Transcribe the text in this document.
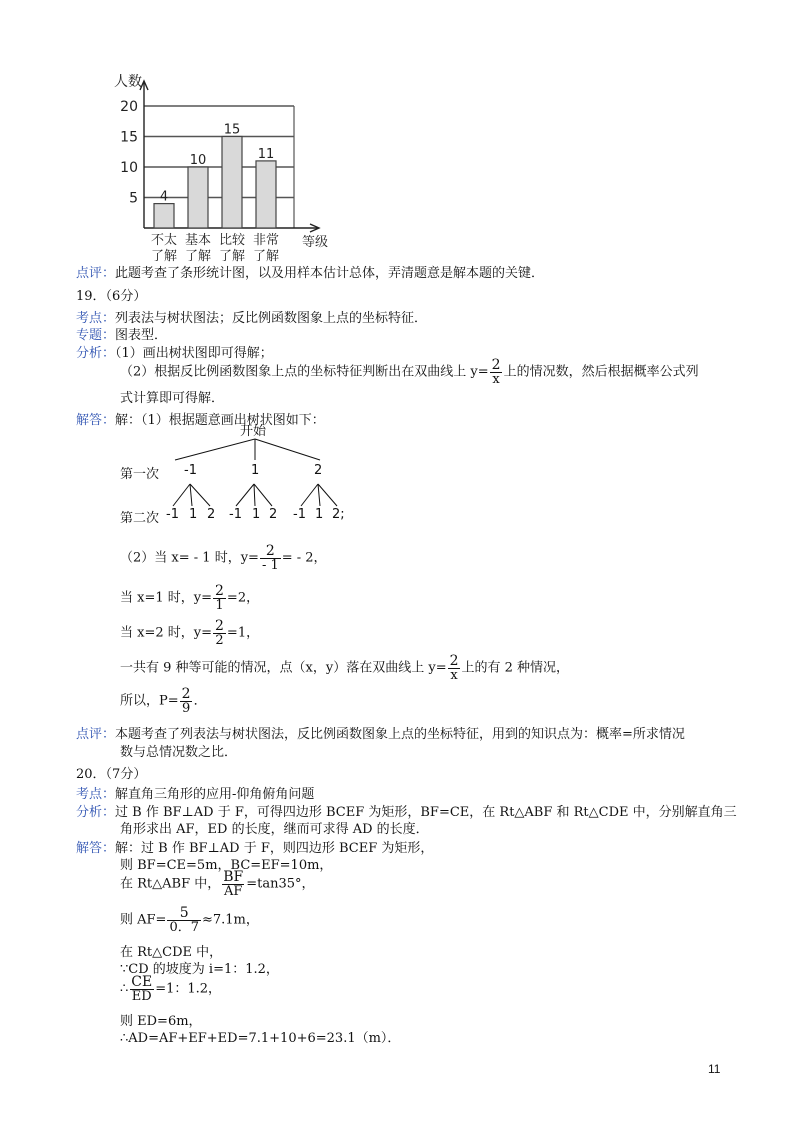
5
10
15
20
人数
等级
4
不太
了解
10
基本
了解
15
比较
了解
11
非常
了解
点评：此题考查了条形统计图，以及用样本估计总体，弄清题意是解本题的关键．
19．（6分）
考点：列表法与树状图法；反比例函数图象上点的坐标特征．
专题：图表型．
分析：（1）画出树状图即可得解；
（2）根据反比例函数图象上点的坐标特征判断出在双曲线上 $y= \frac{2}{x}$ 上的情况数，然后根据概率公式列
式计算即可得解．
解答：解：（1）根据题意画出树状图如下：
开始
第一次 -1	1	2
第二次 -1 1 2 -1 1 2 -1 1 2;
（2）当 x= - 1 时，$y= \frac{2}{- 1}$ = - 2，
当 x=1 时，$y= \frac{2}{1} =2$，
当 x=2 时，$y= \frac{2}{2} =1$，
一共有 9 种等可能的情况，点（x，y）落在双曲线上 $y= \frac{2}{x}$ 上的有 2 种情况，
所以，$P= \frac{2}{9}$ ．
点评：本题考查了列表法与树状图法，反比例函数图象上点的坐标特征，用到的知识点为：概率=所求情况
数与总情况数之比．
20．（7分）
考点：解直角三角形的应用-仰角俯角问题
分析：过 B 作 BF⊥AD 于 F，可得四边形 BCEF 为矩形，BF=CE，在 Rt△ABF 和 Rt△CDE 中，分别解直角三
角形求出 AF，ED 的长度，继而可求得 AD 的长度．
解答：解：过 B 作 BF⊥AD 于 F，则四边形 BCEF 为矩形，
则 BF=CE=5m，BC=EF=10m，
在 Rt△ABF 中， $\frac{BF}{AF} =\tan 35^\circ$，
则 $AF= \frac{5}{0.7} \approx 7.1m$，
在 Rt△CDE 中，
∵CD 的坡度为 i=1：1.2，
∴ $\frac{CE}{ED} =1$：1.2，
则 ED=6m，
∴AD=AF+EF+ED=7.1+10+6=23.1（m）．
11
